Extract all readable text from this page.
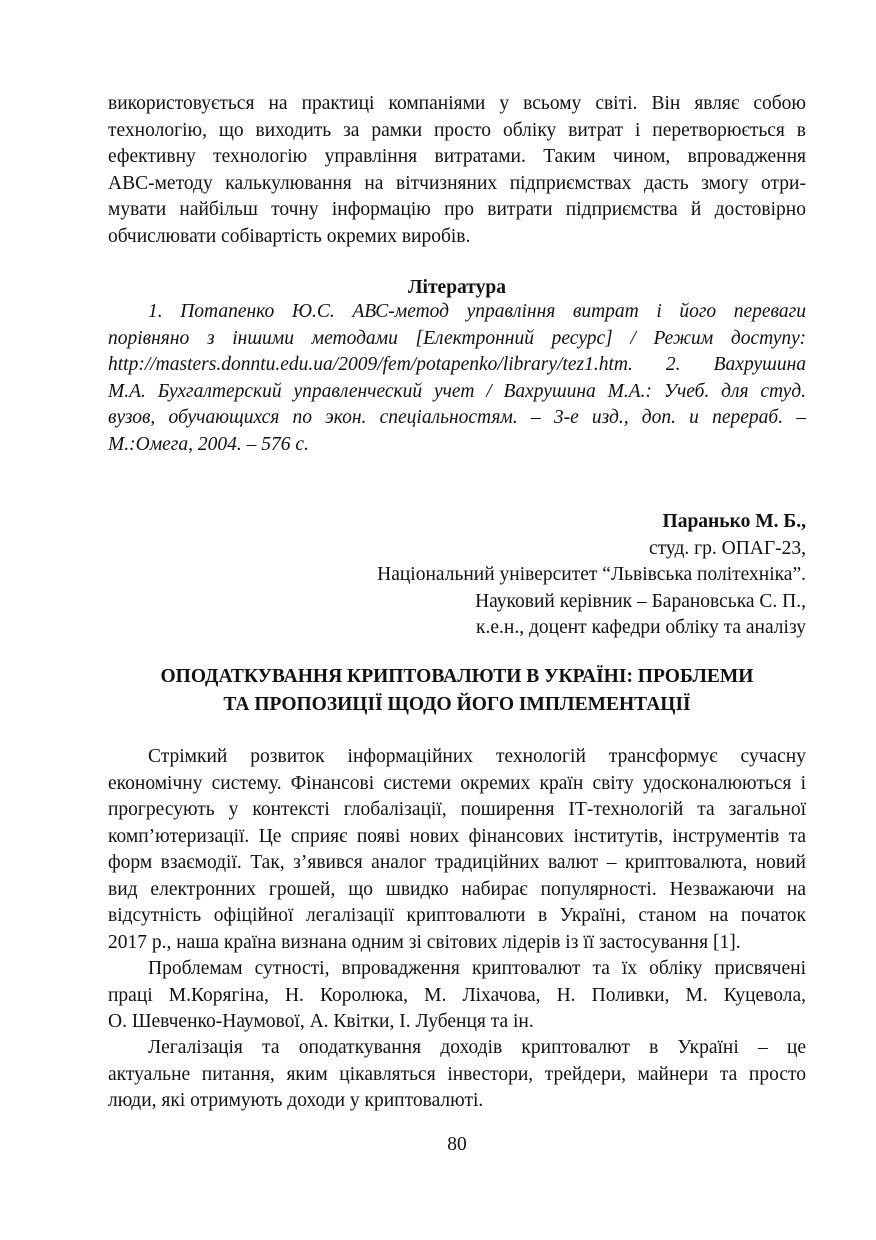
використовується на практиці компаніями у всьому світі. Він являє собою
технологію, що виходить за рамки просто обліку витрат і перетворюється в
ефективну технологію управління витратами. Таким чином, впровадження
АВС-методу калькулювання на вітчизняних підприємствах дасть змогу отри-
мувати найбільш точну інформацію про витрати підприємства й достовірно
обчислювати собівартість окремих виробів.
Література
1. Потапенко Ю.С. АВС-метод управління витрат і його переваги
порівняно з іншими методами [Електронний ресурс] / Режим доступу:
http://masters.donntu.edu.ua/2009/fem/potapenko/library/tez1.htm. 2. Вахрушина
М.А. Бухгалтерский управленческий учет / Вахрушина М.А.: Учеб. для студ.
вузов, обучающихся по экон. спеціальностям. – 3-е изд., доп. и перераб. –
М.:Омега, 2004. – 576 с.
Паранько М. Б.,
студ. гр. ОПАГ-23,
Національний університет “Львівська політехніка”.
Науковий керівник – Барановська С. П.,
к.е.н., доцент кафедри обліку та аналізу
ОПОДАТКУВАННЯ КРИПТОВАЛЮТИ В УКРАЇНІ: ПРОБЛЕМИ
ТА ПРОПОЗИЦІЇ ЩОДО ЙОГО ІМПЛЕМЕНТАЦІЇ
Стрімкий розвиток інформаційних технологій трансформує сучасну
економічну систему. Фінансові системи окремих країн світу удосконалюються і
прогресують у контексті глобалізації, поширення ІТ-технологій та загальної
комп’ютеризації. Це сприяє появі нових фінансових інститутів, інструментів та
форм взаємодії. Так, з’явився аналог традиційних валют – криптовалюта, новий
вид електронних грошей, що швидко набирає популярності. Незважаючи на
відсутність офіційної легалізації криптовалюти в Україні, станом на початок
2017 р., наша країна визнана одним зі світових лідерів із її застосування [1].
Проблемам сутності, впровадження криптовалют та їх обліку присвячені
праці М.Корягіна, Н. Королюка, М. Ліхачова, Н. Поливки, М. Куцевола,
О. Шевченко-Наумової, А. Квітки, І. Лубенця та ін.
Легалізація та оподаткування доходів криптовалют в Україні – це
актуальне питання, яким цікавляться інвестори, трейдери, майнери та просто
люди, які отримують доходи у криптовалюті.
80
